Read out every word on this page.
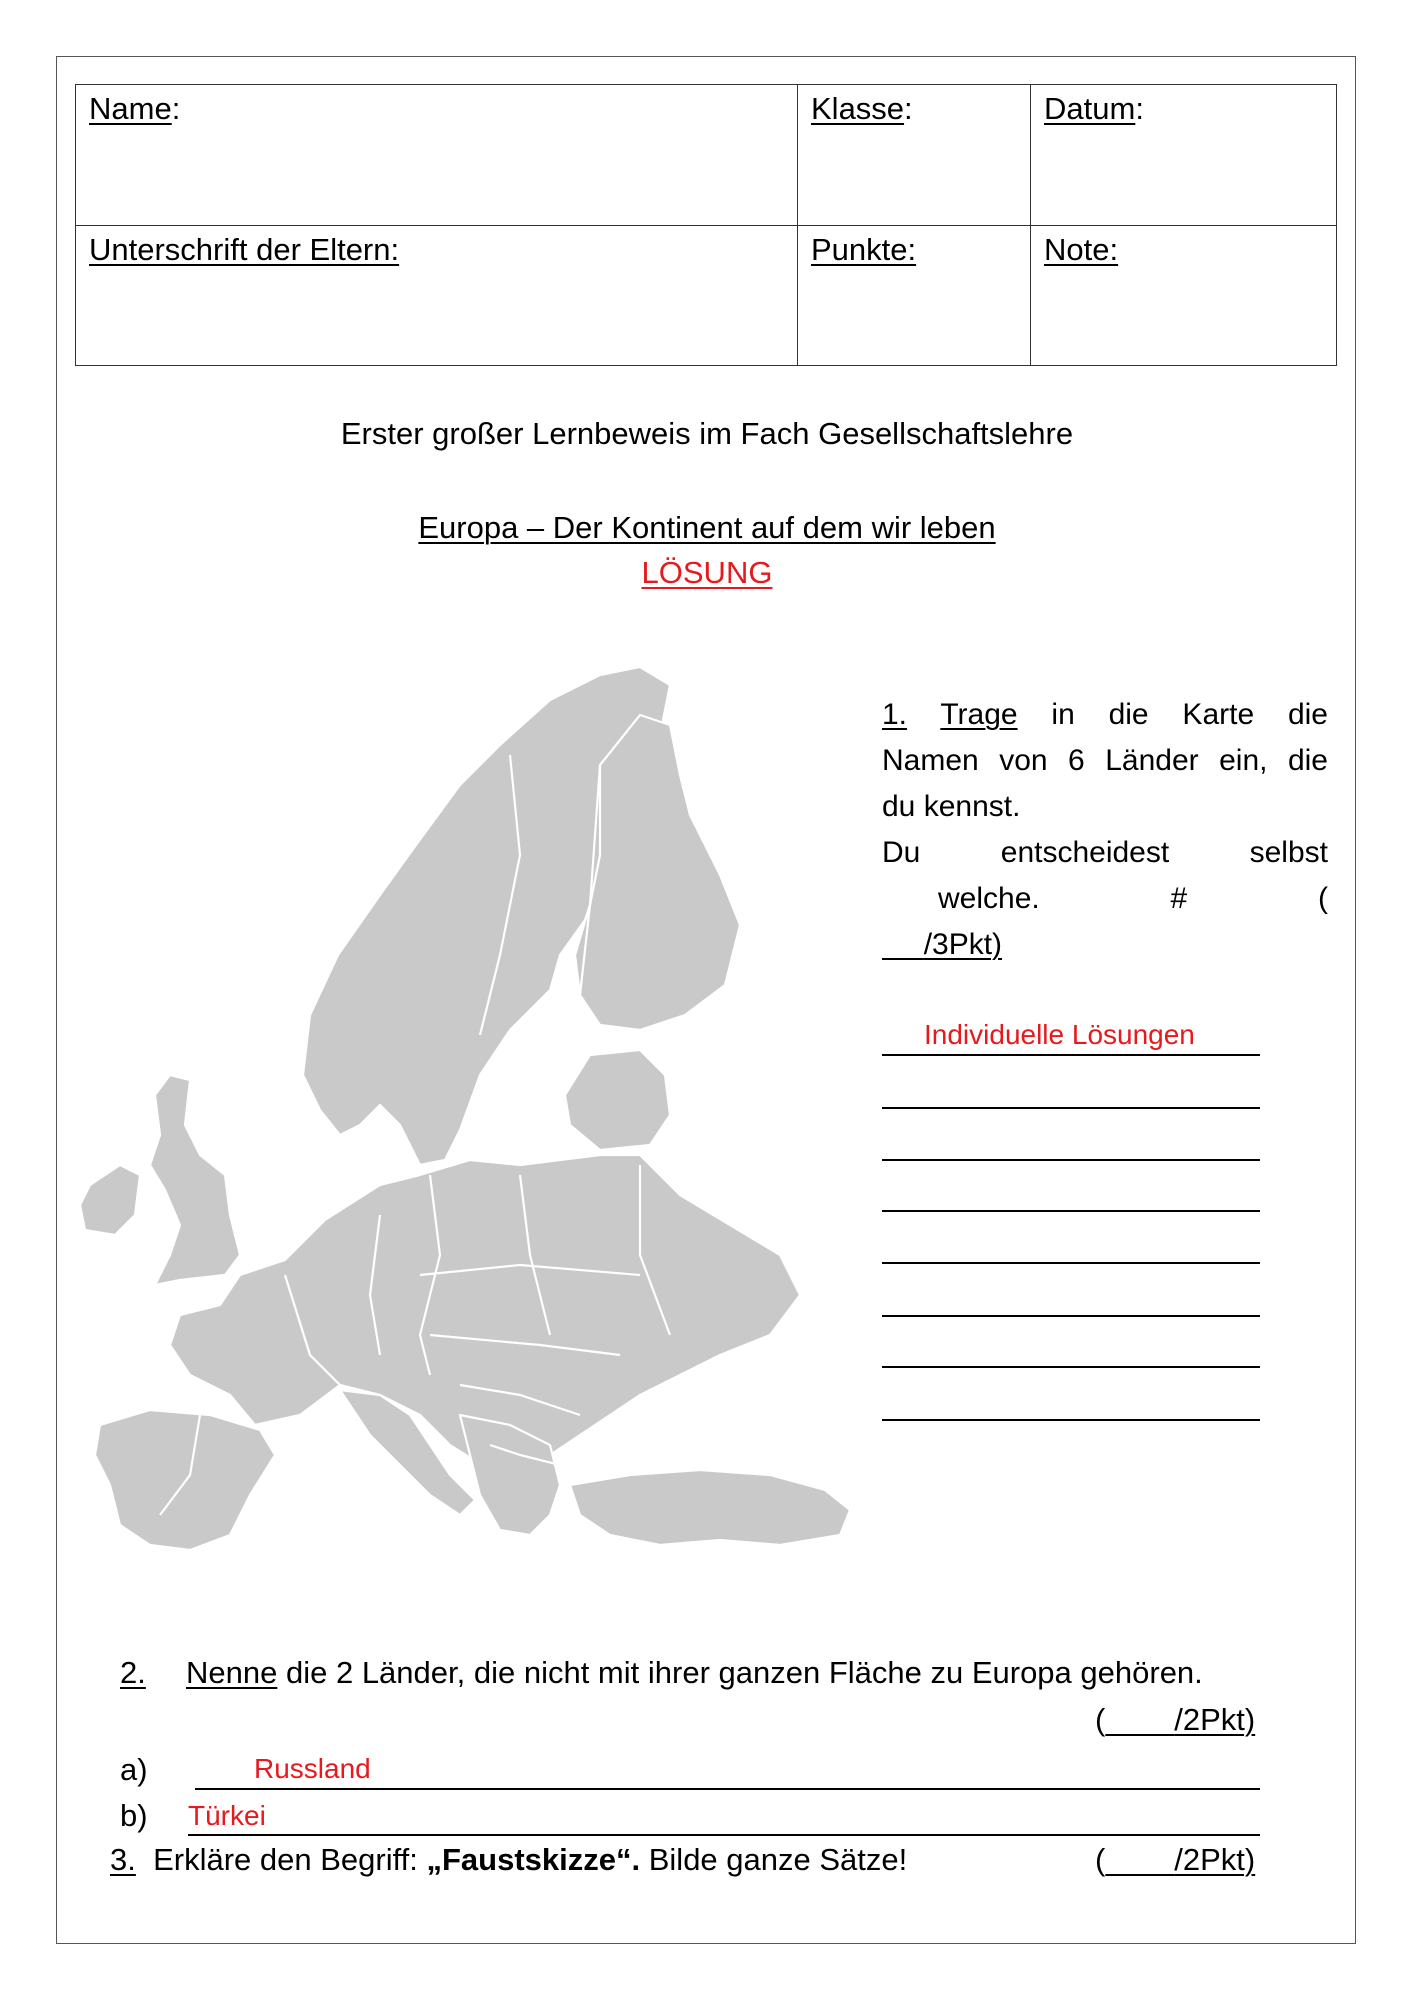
Name:	Klasse:	Datum:
Unterschrift der Eltern:	Punkte:	Note:
Erster großer Lernbeweis im Fach Gesellschaftslehre
Europa – Der Kontinent auf dem wir leben
LÖSUNG
1. Trage in die Karte die
Namen von 6 Länder ein, die
du kennst.
Du entscheidest selbst
welche. #	(
/3Pkt)
Individuelle Lösungen
2. Nenne die 2 Länder, die nicht mit ihrer ganzen Fläche zu Europa gehören.
( /2Pkt)
a)	Russland
b) Türkei
3. Erkläre den Begriff: „Faustskizze“. Bilde ganze Sätze!	( /2Pkt)
